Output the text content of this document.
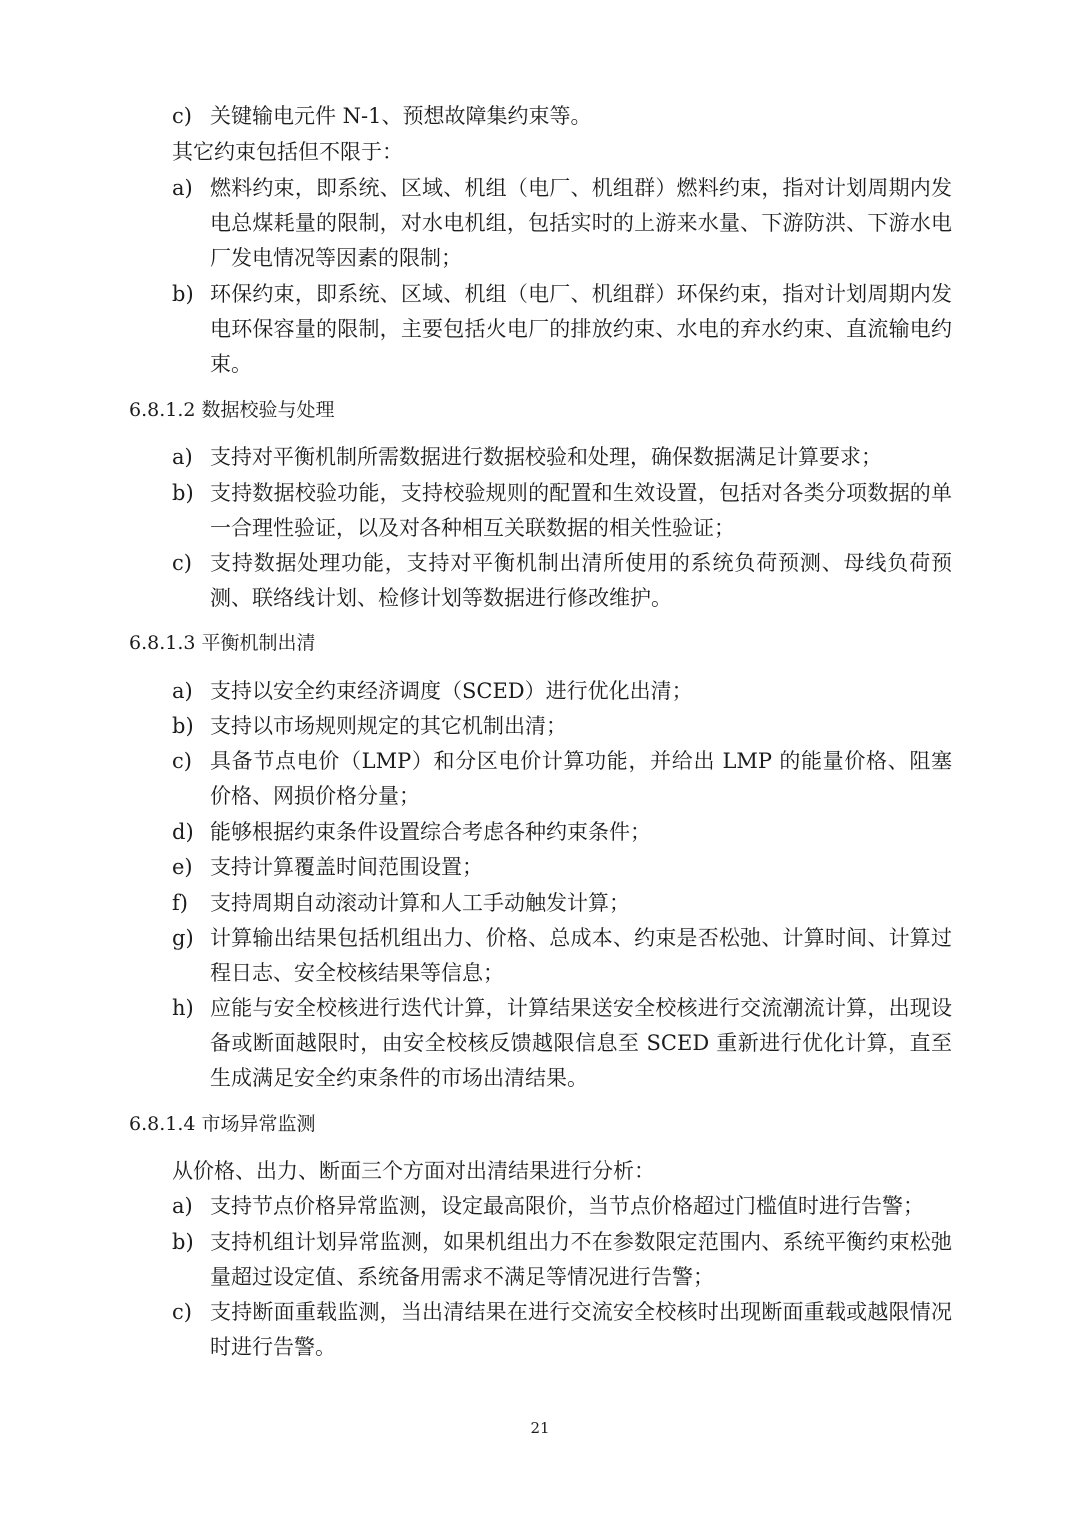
c) 关键输电元件 N-1、预想故障集约束等。

其它约束包括但不限于：

a) 燃料约束，即系统、区域、机组（电厂、机组群）燃料约束，指对计划周期内发电总煤耗量的限制，对水电机组，包括实时的上游来水量、下游防洪、下游水电厂发电情况等因素的限制；
b) 环保约束，即系统、区域、机组（电厂、机组群）环保约束，指对计划周期内发电环保容量的限制，主要包括火电厂的排放约束、水电的弃水约束、直流输电约束。
6.8.1.2 数据校验与处理
a) 支持对平衡机制所需数据进行数据校验和处理，确保数据满足计算要求；
b) 支持数据校验功能，支持校验规则的配置和生效设置，包括对各类分项数据的单一合理性验证，以及对各种相互关联数据的相关性验证；
c) 支持数据处理功能，支持对平衡机制出清所使用的系统负荷预测、母线负荷预测、联络线计划、检修计划等数据进行修改维护。
6.8.1.3 平衡机制出清
a) 支持以安全约束经济调度（SCED）进行优化出清；
b) 支持以市场规则规定的其它机制出清；
c) 具备节点电价（LMP）和分区电价计算功能，并给出 LMP 的能量价格、阻塞价格、网损价格分量；
d) 能够根据约束条件设置综合考虑各种约束条件；
e) 支持计算覆盖时间范围设置；
f)	支持周期自动滚动计算和人工手动触发计算；
g) 计算输出结果包括机组出力、价格、总成本、约束是否松弛、计算时间、计算过程日志、安全校核结果等信息；
h) 应能与安全校核进行迭代计算，计算结果送安全校核进行交流潮流计算，出现设备或断面越限时，由安全校核反馈越限信息至 SCED 重新进行优化计算，直至生成满足安全约束条件的市场出清结果。
6.8.1.4 市场异常监测

从价格、出力、断面三个方面对出清结果进行分析：

a) 支持节点价格异常监测，设定最高限价，当节点价格超过门槛值时进行告警；
b) 支持机组计划异常监测，如果机组出力不在参数限定范围内、系统平衡约束松弛量超过设定值、系统备用需求不满足等情况进行告警；
c) 支持断面重载监测，当出清结果在进行交流安全校核时出现断面重载或越限情况时进行告警。
21
